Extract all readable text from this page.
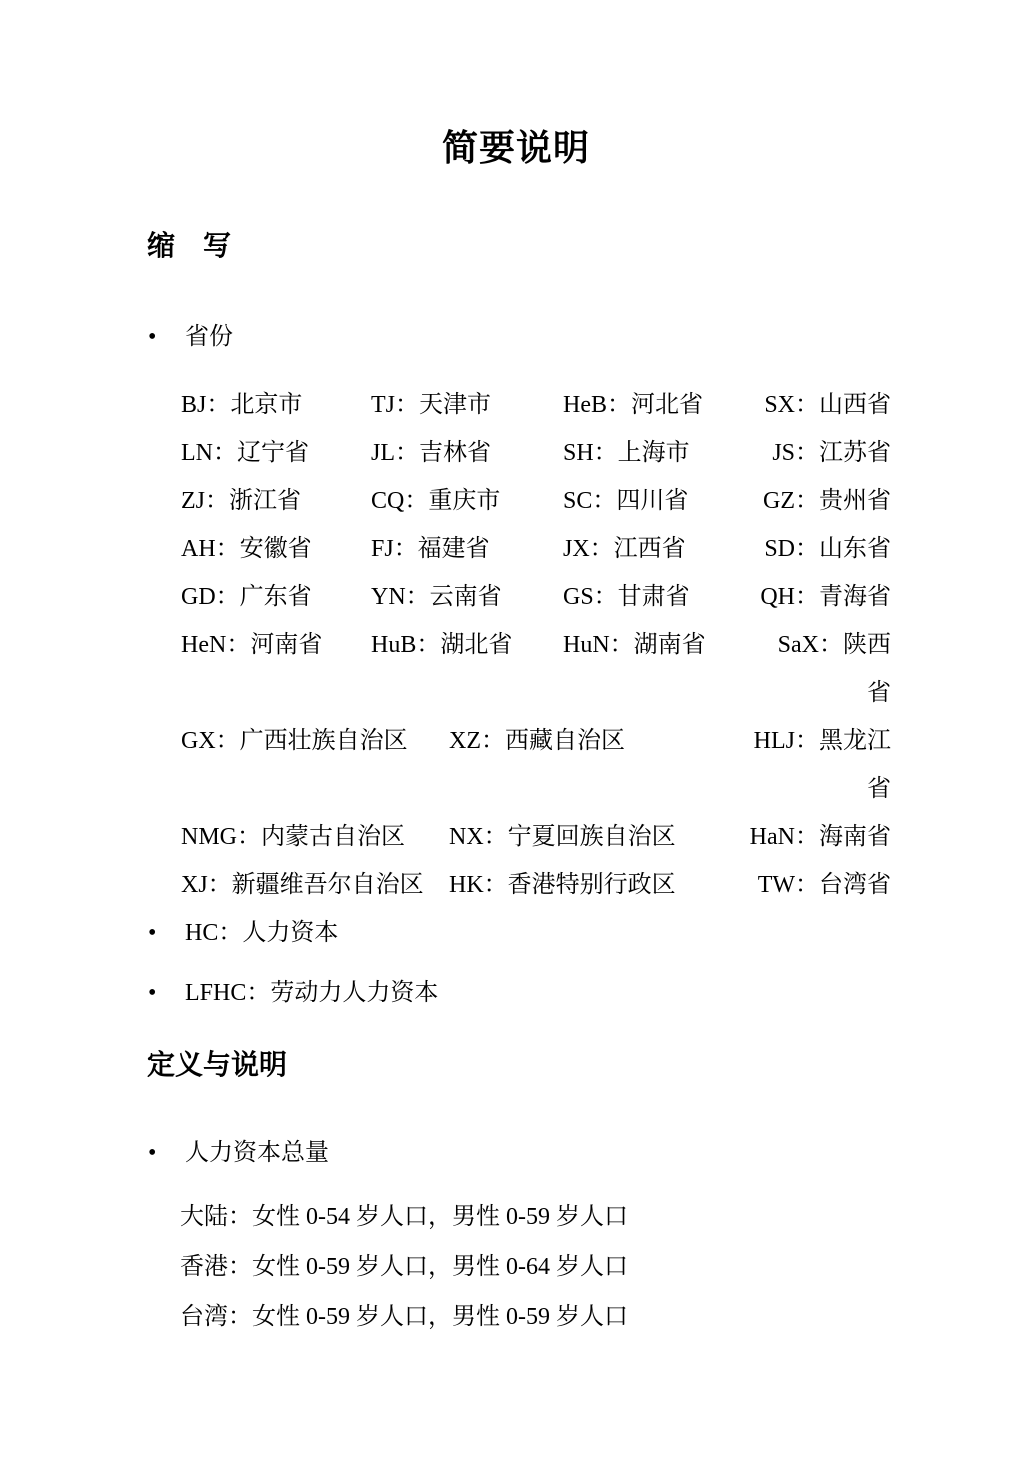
简要说明
缩　写
•	省份
BJ：北京市	TJ：天津市	HeB：河北省	SX：山西省
LN：辽宁省	JL：吉林省	SH：上海市	JS：江苏省
ZJ：浙江省	CQ：重庆市	SC：四川省	GZ：贵州省
AH：安徽省	FJ：福建省	JX：江西省	SD：山东省
GD：广东省	YN：云南省	GS：甘肃省	QH：青海省
HeN：河南省	HuB：湖北省	HuN：湖南省	SaX：陕西省
GX：广西壮族自治区	XZ：西藏自治区	HLJ：黑龙江省
NMG：内蒙古自治区	NX：宁夏回族自治区	HaN：海南省
XJ：新疆维吾尔自治区	HK：香港特别行政区	TW：台湾省
•	HC：人力资本
•	LFHC：劳动力人力资本
定义与说明
•	人力资本总量

大陆：女性 0-54 岁人口，男性 0-59 岁人口

香港：女性 0-59 岁人口，男性 0-64 岁人口

台湾：女性 0-59 岁人口，男性 0-59 岁人口
